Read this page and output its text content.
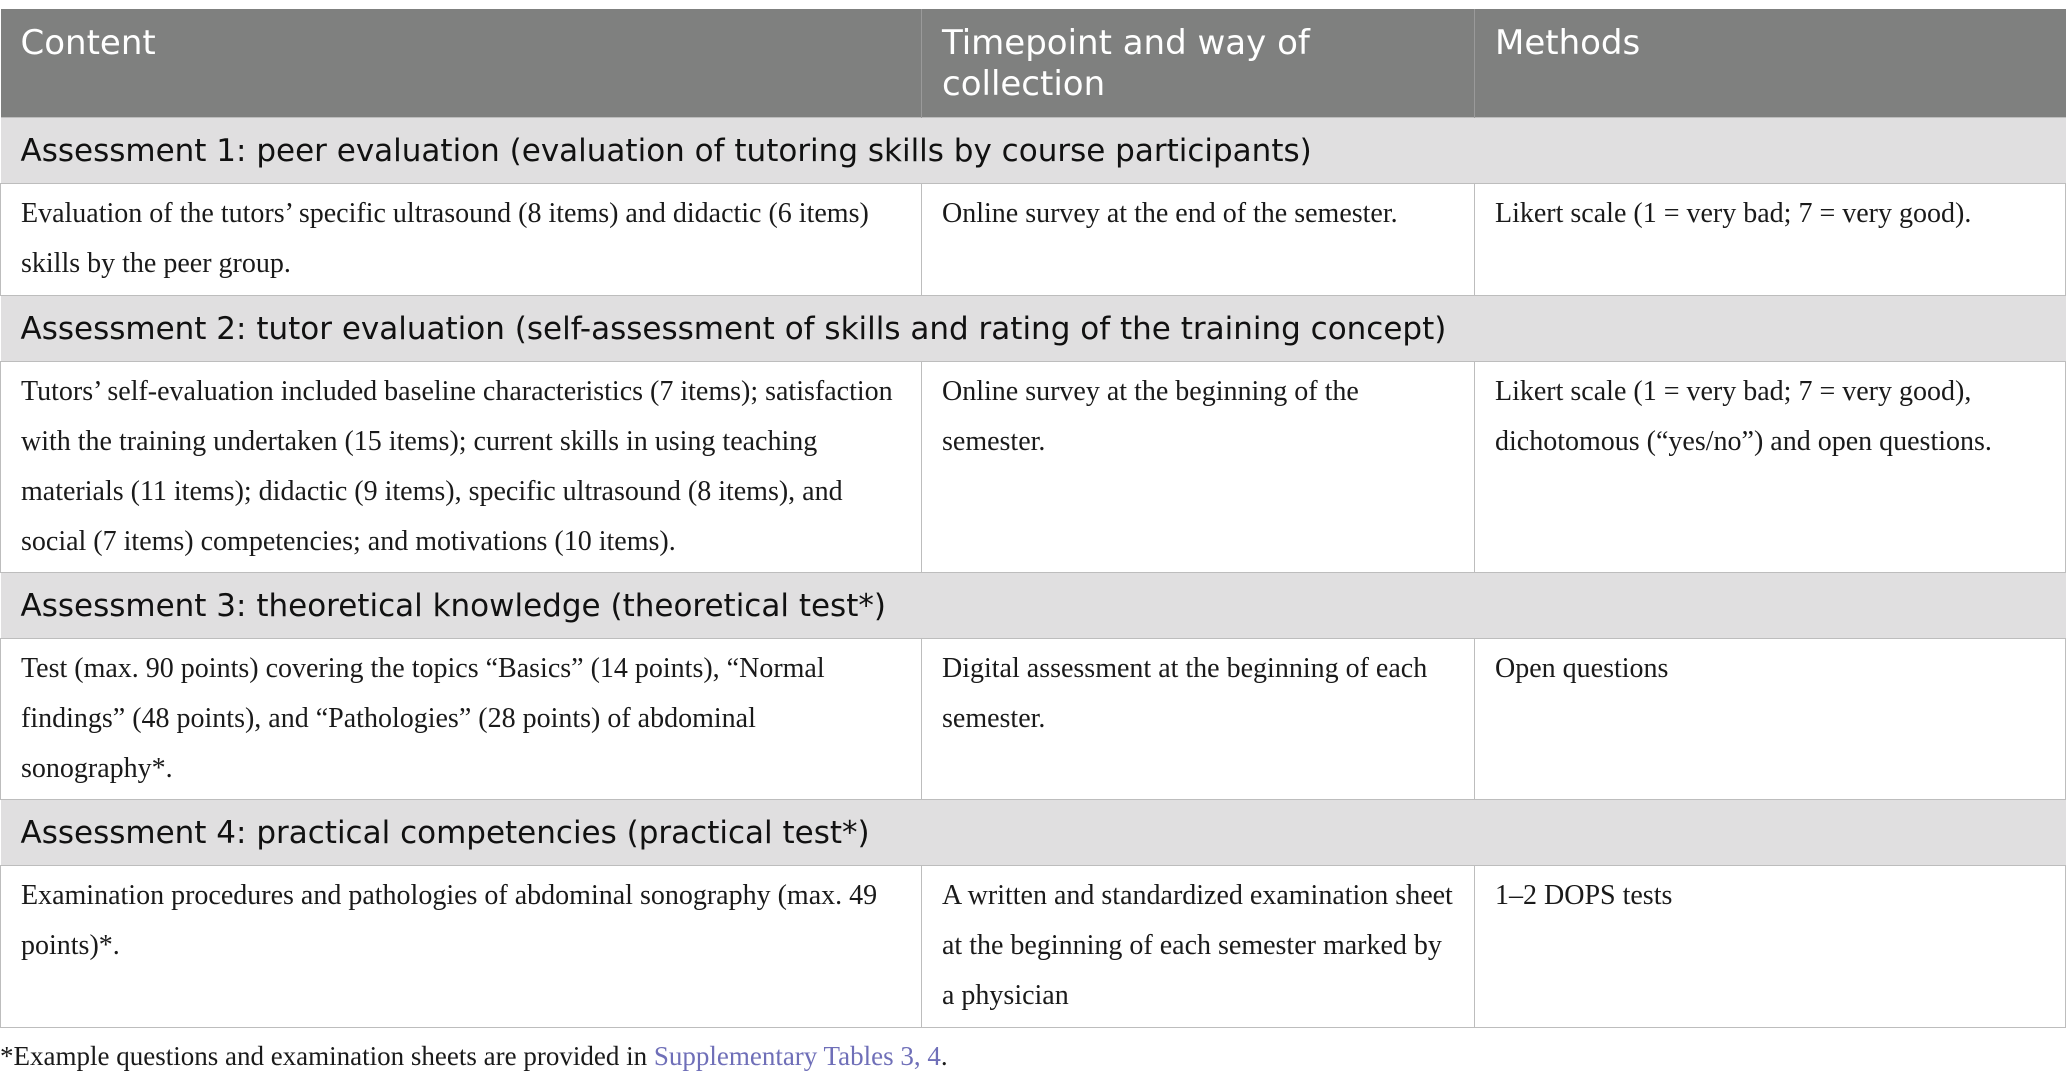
Content	Timepoint and way of collection	Methods
Assessment 1: peer evaluation (evaluation of tutoring skills by course participants)		
Evaluation of the tutors’ specific ultrasound (8 items) and didactic (6 items) skills by the peer group.	Online survey at the end of the semester.	Likert scale (1 = very bad; 7 = very good).
Assessment 2: tutor evaluation (self-assessment of skills and rating of the training concept)		
Tutors’ self-evaluation included baseline characteristics (7 items); satisfaction with the training undertaken (15 items); current skills in using teaching materials (11 items); didactic (9 items), specific ultrasound (8 items), and social (7 items) competencies; and motivations (10 items).	Online survey at the beginning of the semester.	Likert scale (1 = very bad; 7 = very good), dichotomous (“yes/no”) and open questions.
Assessment 3: theoretical knowledge (theoretical test*)		
Test (max. 90 points) covering the topics “Basics” (14 points), “Normal findings” (48 points), and “Pathologies” (28 points) of abdominal sonography*.	Digital assessment at the beginning of each semester.	Open questions
Assessment 4: practical competencies (practical test*)		
Examination procedures and pathologies of abdominal sonography (max. 49 points)*.	A written and standardized examination sheet at the beginning of each semester marked by a physician	1–2 DOPS tests
*Example questions and examination sheets are provided in Supplementary Tables 3, 4.
